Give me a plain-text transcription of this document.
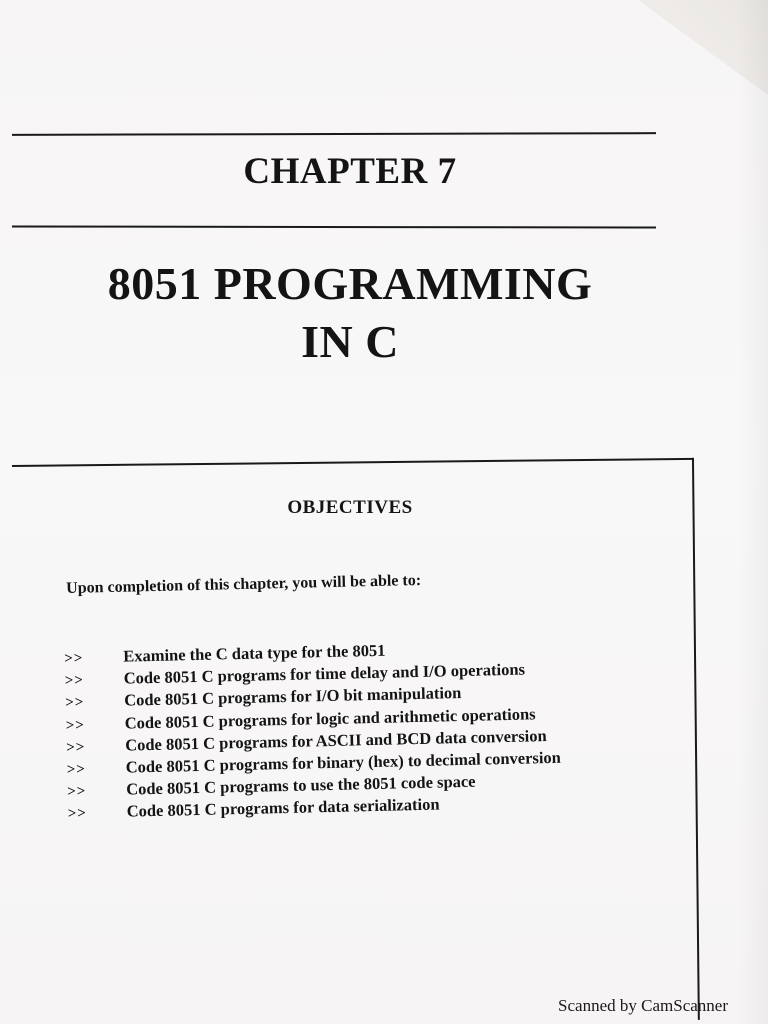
CHAPTER 7
8051 PROGRAMMING
IN C
OBJECTIVES
Upon completion of this chapter, you will be able to:
>>	Examine the C data type for the 8051
>>	Code 8051 C programs for time delay and I/O operations
>>	Code 8051 C programs for I/O bit manipulation
>>	Code 8051 C programs for logic and arithmetic operations
>>	Code 8051 C programs for ASCII and BCD data conversion
>>	Code 8051 C programs for binary (hex) to decimal conversion
>>	Code 8051 C programs to use the 8051 code space
>>	Code 8051 C programs for data serialization
Scanned by CamScanner
